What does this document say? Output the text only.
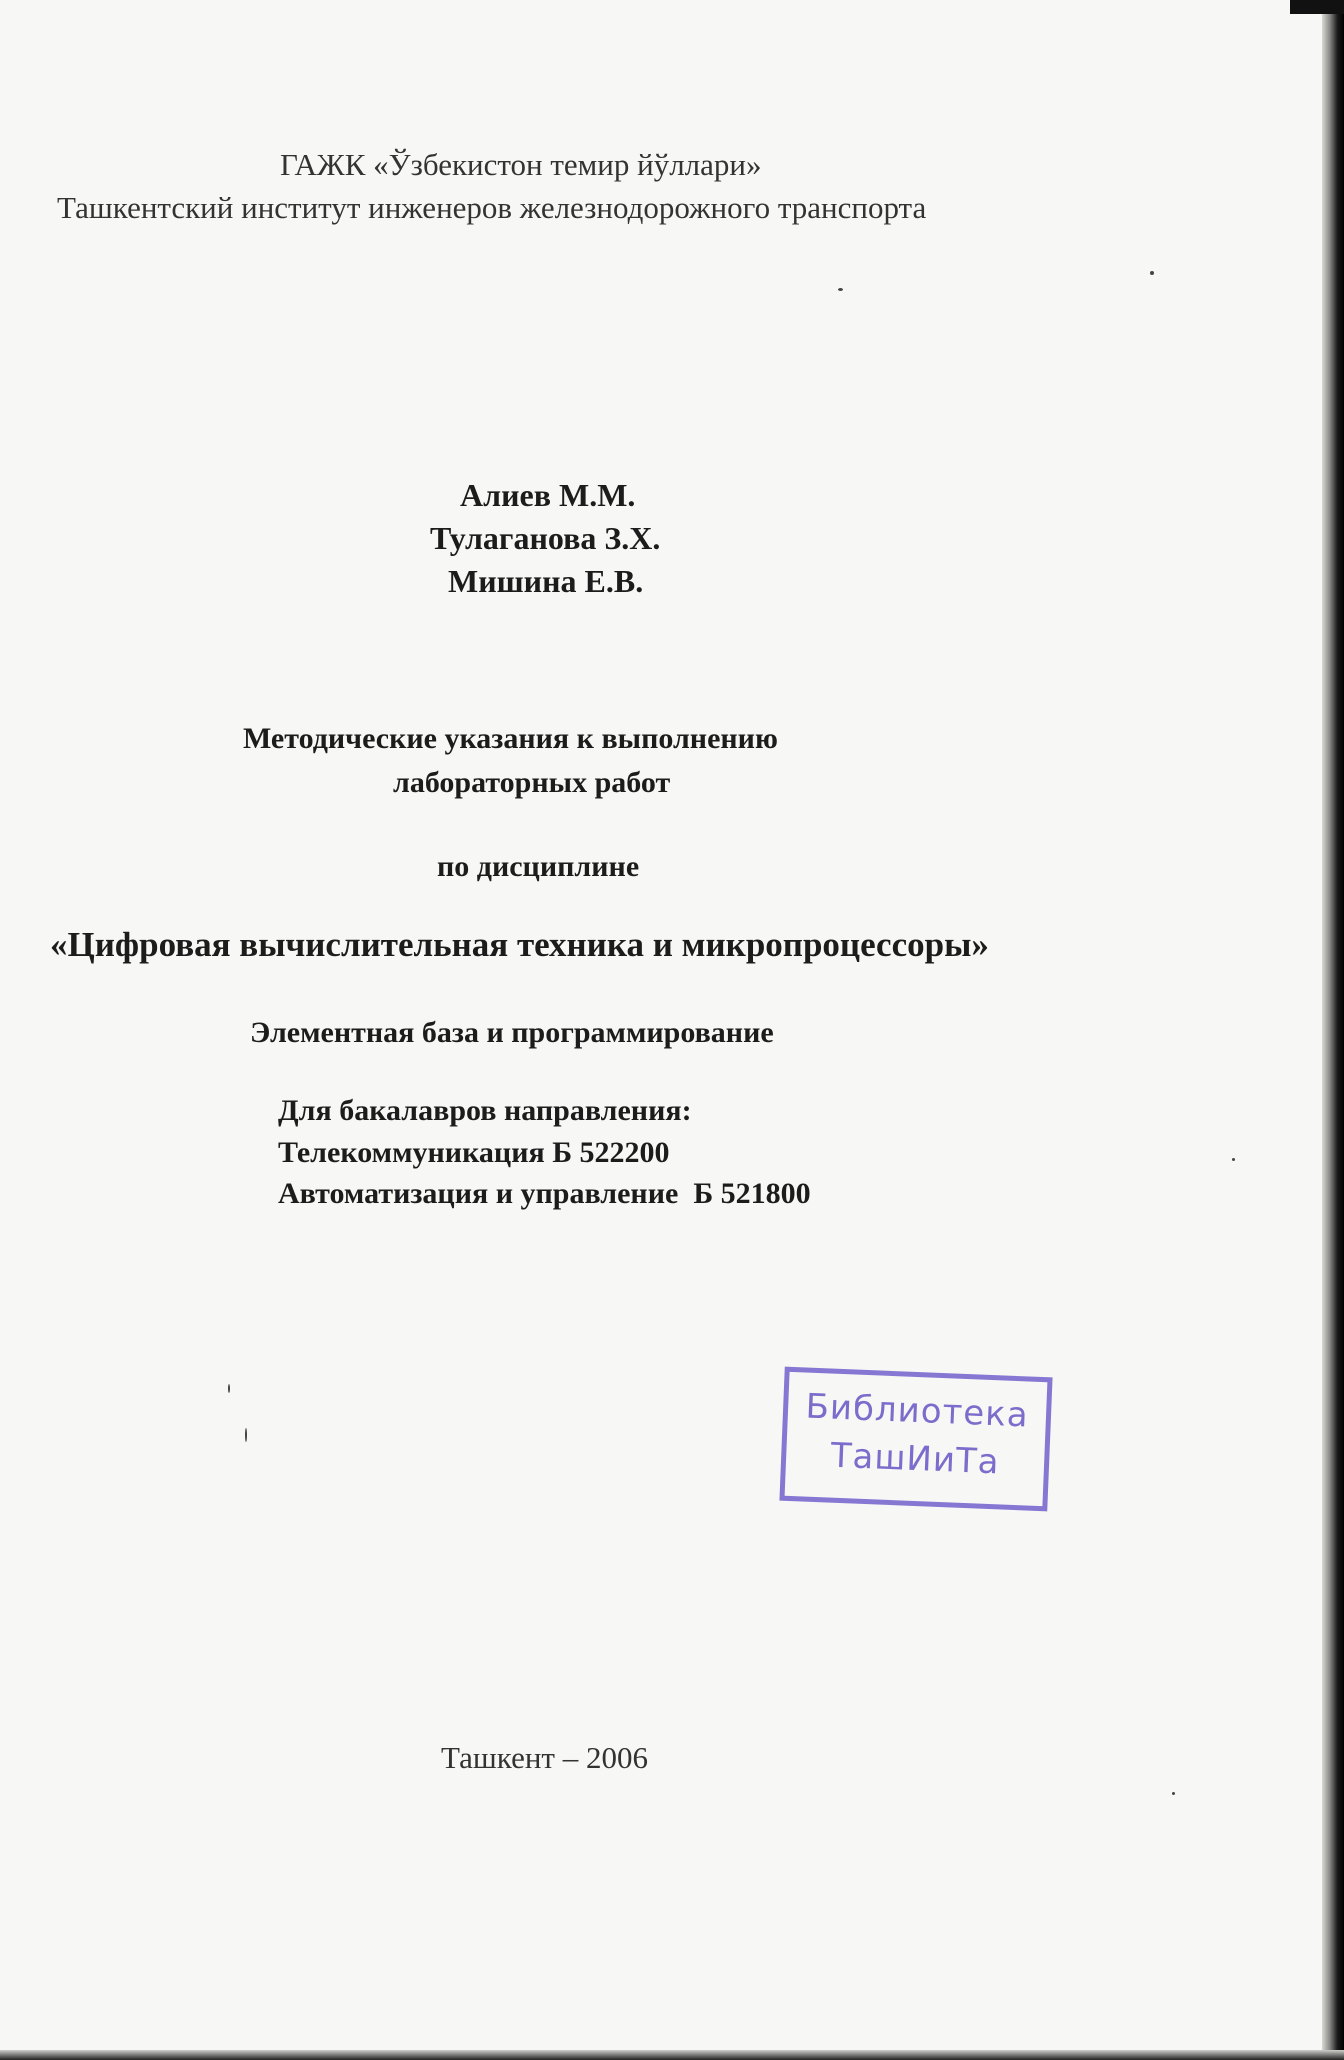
ГАЖК «Ўзбекистон темир йўллари»
Ташкентский институт инженеров железнодорожного транспорта
Алиев М.М.
Тулаганова З.Х.
Мишина Е.В.
Методические указания к выполнению
лабораторных работ
по дисциплине
«Цифровая вычислительная техника и микропроцессоры»
Элементная база и программирование
Для бакалавров направления:
Телекоммуникация Б 522200
Автоматизация и управление  Б 521800
Библиотека
ТашИиТа
Ташкент – 2006
